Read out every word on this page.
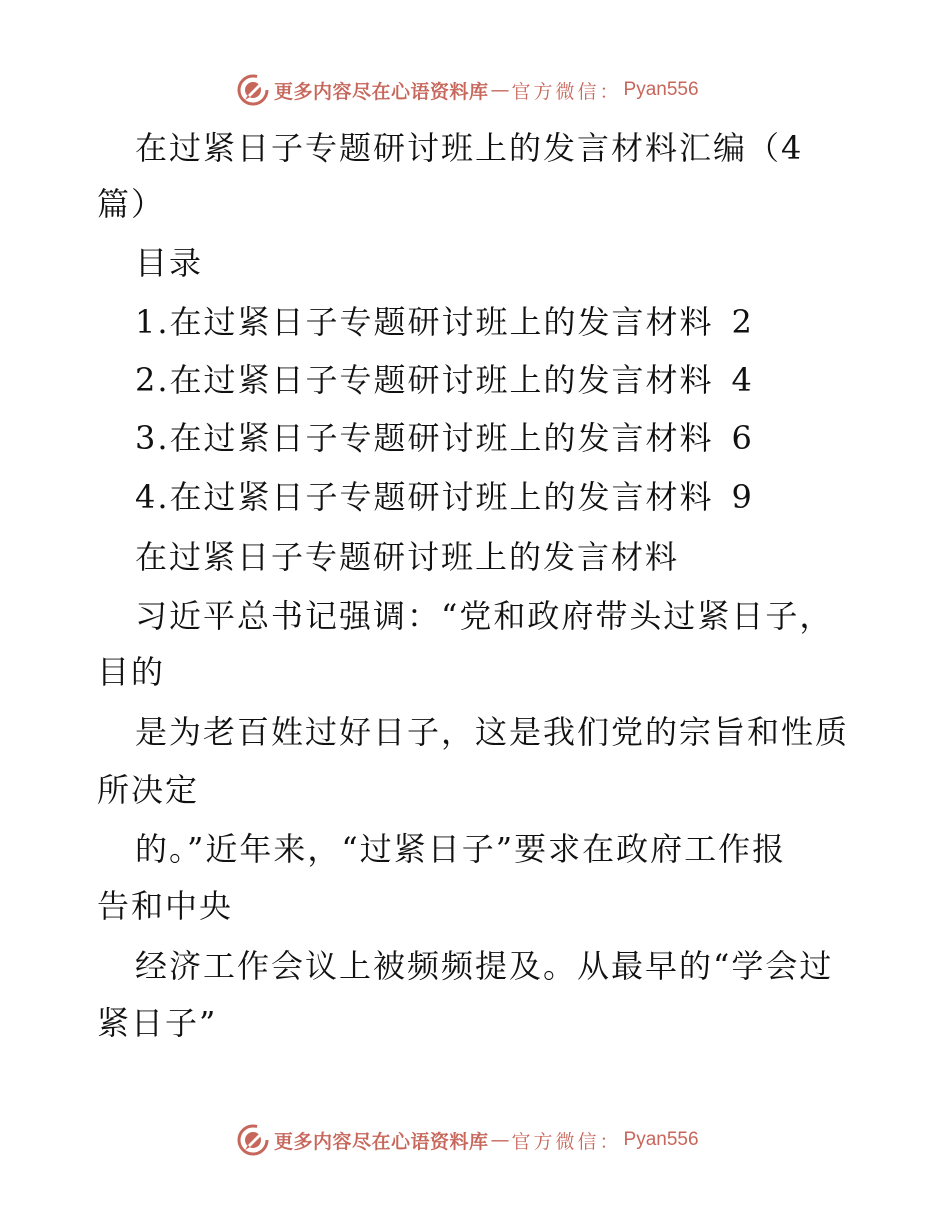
更多内容尽在心语资料库 — 官方微信： Pyan556
在过紧日子专题研讨班上的发言材料汇编（4
篇）
目录
1.在过紧日子专题研讨班上的发言材料 2
2.在过紧日子专题研讨班上的发言材料 4
3.在过紧日子专题研讨班上的发言材料 6
4.在过紧日子专题研讨班上的发言材料 9
在过紧日子专题研讨班上的发言材料
习近平总书记强调：“党和政府带头过紧日子，
目的
是为老百姓过好日子，这是我们党的宗旨和性质
所决定
的。”近年来，“过紧日子”要求在政府工作报
告和中央
经济工作会议上被频频提及。从最早的“学会过
紧日子”
更多内容尽在心语资料库 — 官方微信： Pyan556
